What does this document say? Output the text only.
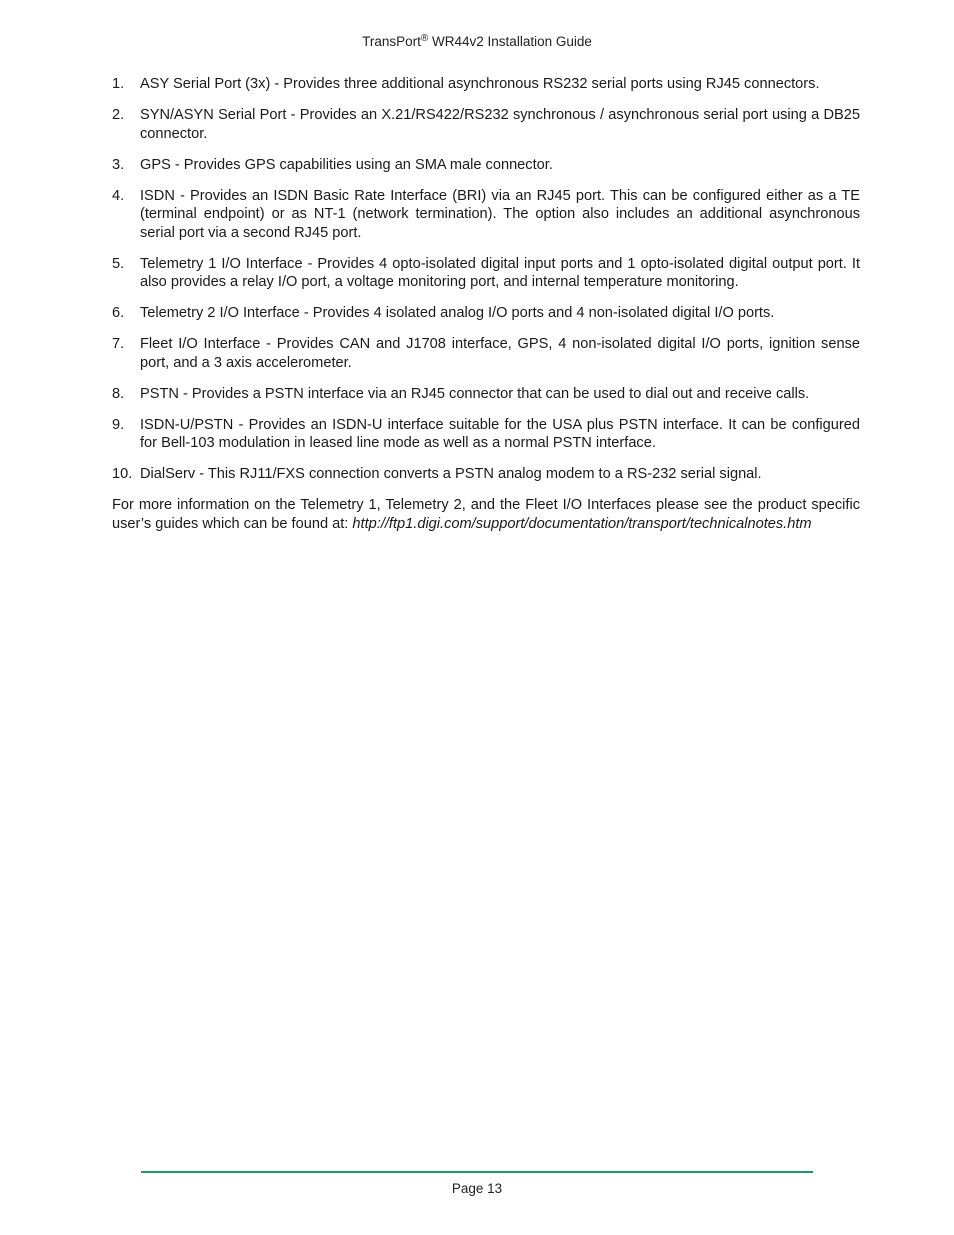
TransPort® WR44v2 Installation Guide
1. ASY Serial Port (3x) - Provides three additional asynchronous RS232 serial ports using RJ45 connectors.
2. SYN/ASYN Serial Port - Provides an X.21/RS422/RS232 synchronous / asynchronous serial port using a DB25 connector.
3. GPS - Provides GPS capabilities using an SMA male connector.
4. ISDN - Provides an ISDN Basic Rate Interface (BRI) via an RJ45 port. This can be configured either as a TE (terminal endpoint) or as NT-1 (network termination). The option also includes an additional asynchronous serial port via a second RJ45 port.
5. Telemetry 1 I/O Interface - Provides 4 opto-isolated digital input ports and 1 opto-isolated digital output port. It also provides a relay I/O port, a voltage monitoring port, and internal temperature monitoring.
6. Telemetry 2 I/O Interface - Provides 4 isolated analog I/O ports and 4 non-isolated digital I/O ports.
7. Fleet I/O Interface - Provides CAN and J1708 interface, GPS, 4 non-isolated digital I/O ports, ignition sense port, and a 3 axis accelerometer.
8. PSTN - Provides a PSTN interface via an RJ45 connector that can be used to dial out and receive calls.
9. ISDN-U/PSTN - Provides an ISDN-U interface suitable for the USA plus PSTN interface. It can be configured for Bell-103 modulation in leased line mode as well as a normal PSTN interface.
10. DialServ - This RJ11/FXS connection converts a PSTN analog modem to a RS-232 serial signal.

For more information on the Telemetry 1, Telemetry 2, and the Fleet I/O Interfaces please see the product specific user’s guides which can be found at: http://ftp1.digi.com/support/documentation/transport/technicalnotes.htm

Page 13
